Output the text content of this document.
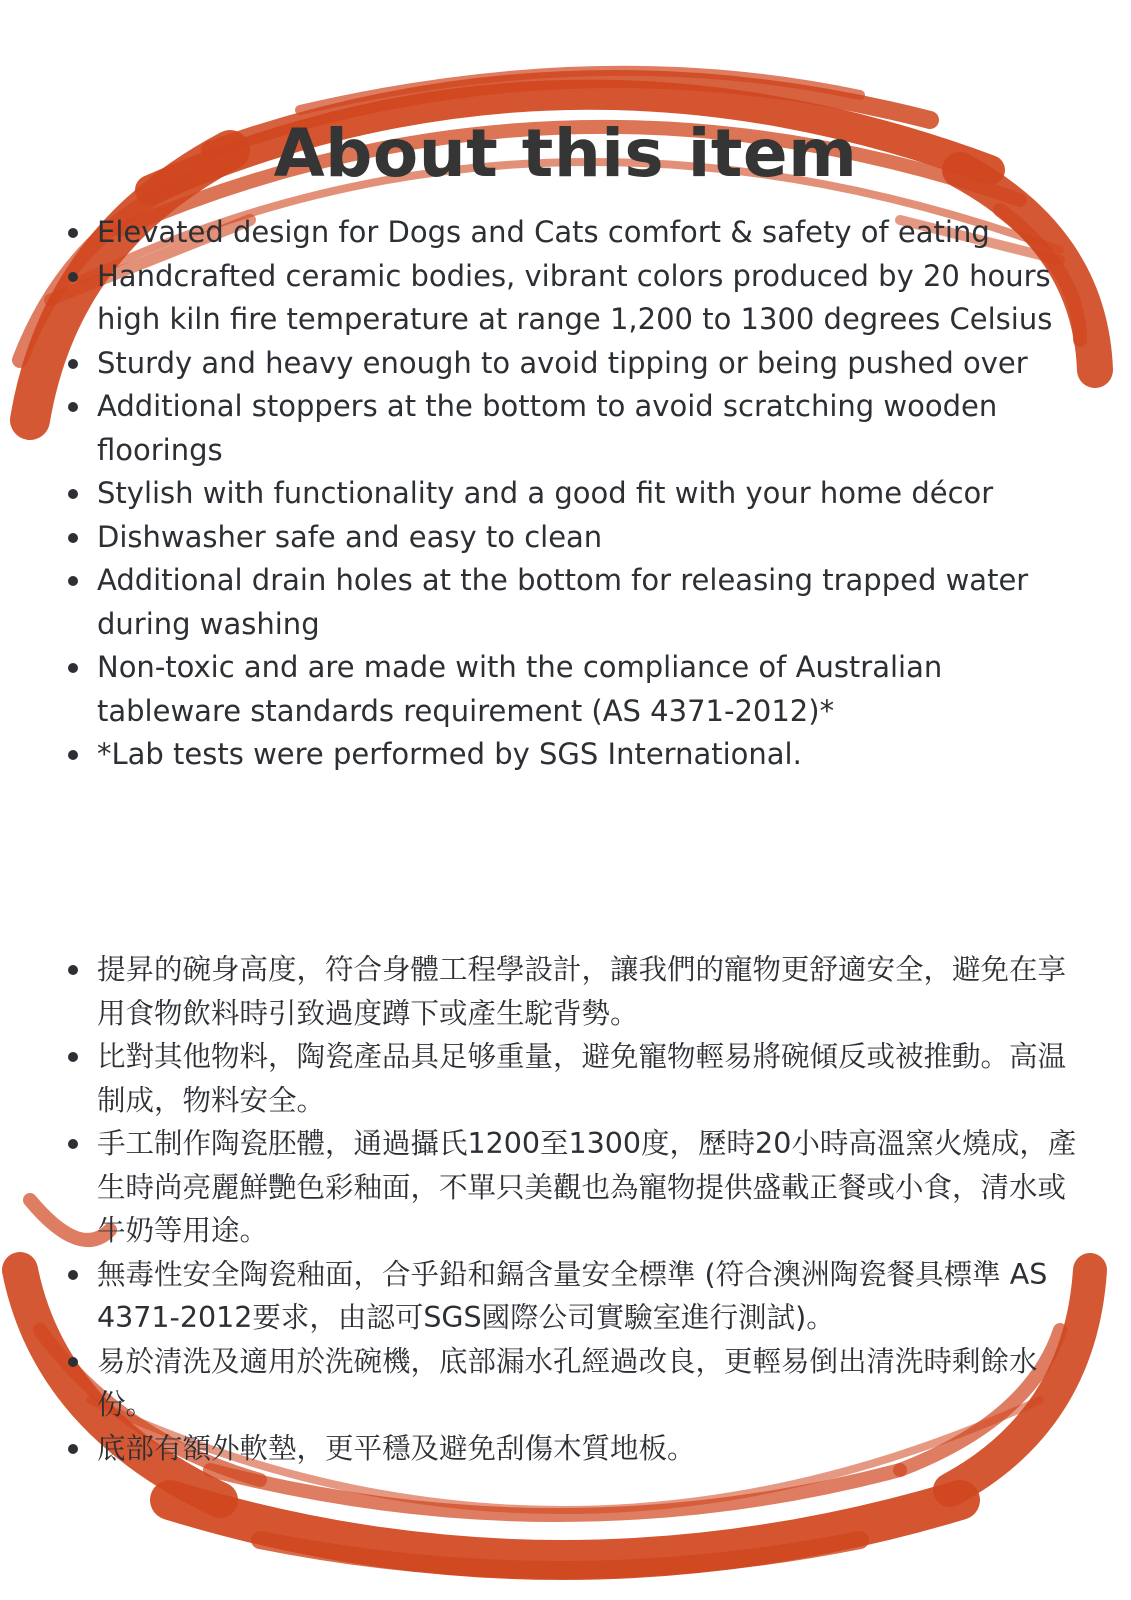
About this item
Elevated design for Dogs and Cats comfort & safety of eating
Handcrafted ceramic bodies, vibrant colors produced by 20 hours high kiln fire temperature at range 1,200 to 1300 degrees Celsius
Sturdy and heavy enough to avoid tipping or being pushed over
Additional stoppers at the bottom to avoid scratching wooden floorings
Stylish with functionality and a good fit with your home décor
Dishwasher safe and easy to clean
Additional drain holes at the bottom for releasing trapped water during washing
Non-toxic and are made with the compliance of Australian tableware standards requirement (AS 4371-2012)*
*Lab tests were performed by SGS International.
提昇的碗身高度，符合身體工程學設計，讓我們的寵物更舒適安全，避免在享用食物飲料時引致過度蹲下或產生駝背勢。
比對其他物料，陶瓷產品具足够重量，避免寵物輕易將碗傾反或被推動。高温制成，物料安全。
手工制作陶瓷胚體，通過攝氏1200至1300度，歷時20小時高溫窯火燒成，產生時尚亮麗鮮艷色彩釉面，不單只美觀也為寵物提供盛載正餐或小食，清水或牛奶等用途。
無毒性安全陶瓷釉面，合乎鉛和鎘含量安全標準 (符合澳洲陶瓷餐具標準 AS 4371-2012要求，由認可SGS國際公司實驗室進行測試)。
易於清洗及適用於洗碗機，底部漏水孔經過改良，更輕易倒出清洗時剩餘水份。
底部有額外軟墊，更平穩及避免刮傷木質地板。
